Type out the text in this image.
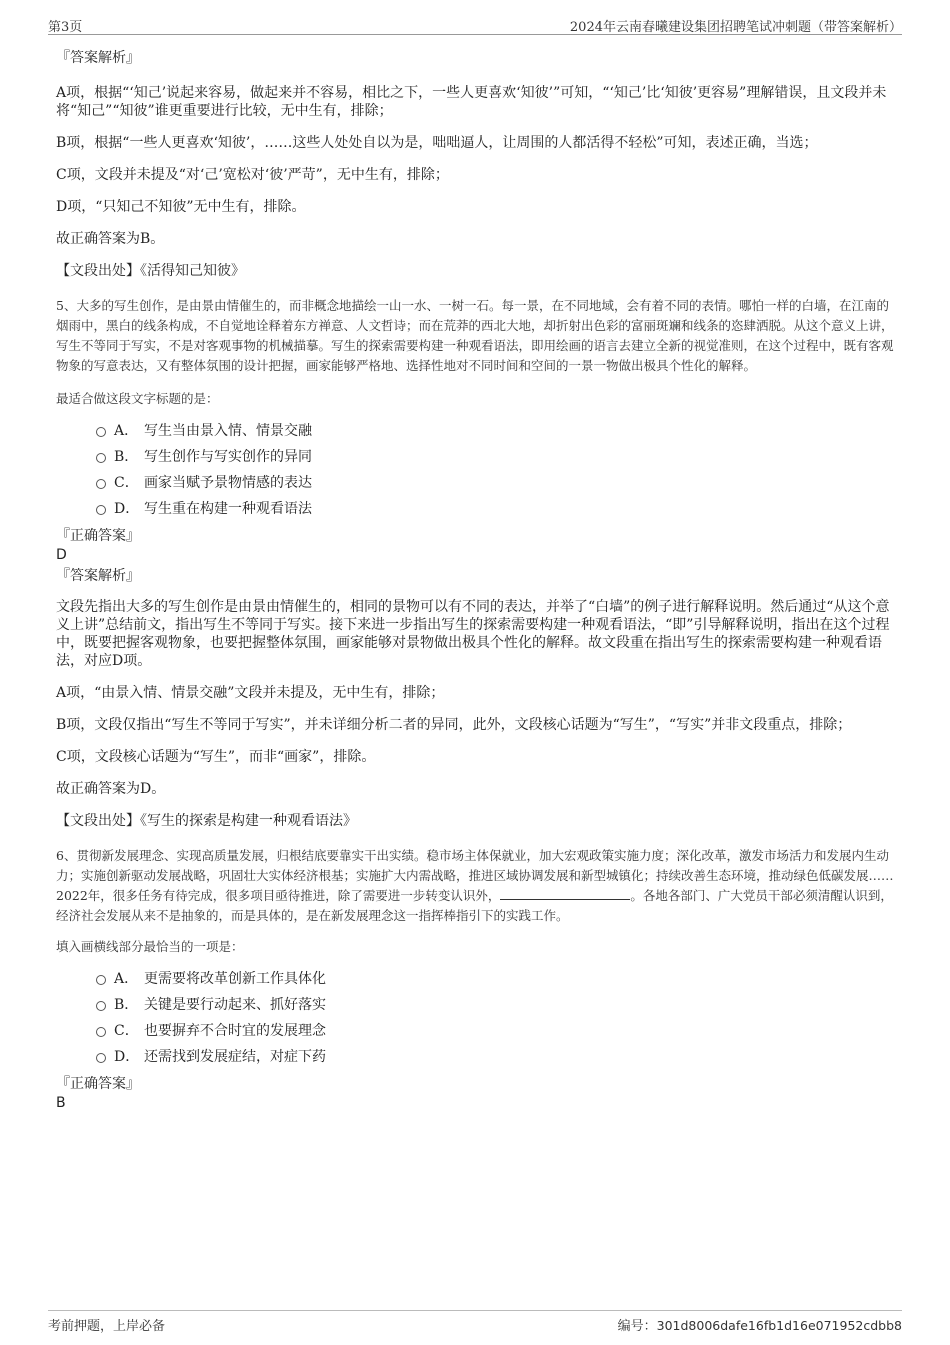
第3页	2024年云南春曦建设集团招聘笔试冲刺题（带答案解析）

『答案解析』

A项，根据“‘知己’说起来容易，做起来并不容易，相比之下，一些人更喜欢‘知彼’”可知，“‘知己’比‘知彼’更容易”理解错误，且文段并未将“知己”“知彼”谁更重要进行比较，无中生有，排除；

B项，根据“一些人更喜欢‘知彼’，……这些人处处自以为是，咄咄逼人，让周围的人都活得不轻松”可知，表述正确，当选；

C项，文段并未提及“对‘己’宽松对‘彼’严苛”，无中生有，排除；

D项，“只知己不知彼”无中生有，排除。

故正确答案为B。

【文段出处】《活得知己知彼》

5、大多的写生创作，是由景由情催生的，而非概念地描绘一山一水、一树一石。每一景，在不同地域，会有着不同的表情。哪怕一样的白墙，在江南的烟雨中，黑白的线条构成，不自觉地诠释着东方禅意、人文哲诗；而在荒莽的西北大地，却折射出色彩的富丽斑斓和线条的恣肆洒脱。从这个意义上讲，写生不等同于写实，不是对客观事物的机械描摹。写生的探索需要构建一种观看语法，即用绘画的语言去建立全新的视觉准则，在这个过程中，既有客观物象的写意表达，又有整体氛围的设计把握，画家能够严格地、选择性地对不同时间和空间的一景一物做出极具个性化的解释。

最适合做这段文字标题的是：

A． 写生当由景入情、情景交融
B． 写生创作与写实创作的异同
C． 画家当赋予景物情感的表达
D． 写生重在构建一种观看语法

『正确答案』

D

『答案解析』

文段先指出大多的写生创作是由景由情催生的，相同的景物可以有不同的表达，并举了“白墙”的例子进行解释说明。然后通过“从这个意义上讲”总结前文，指出写生不等同于写实。接下来进一步指出写生的探索需要构建一种观看语法，“即”引导解释说明，指出在这个过程中，既要把握客观物象，也要把握整体氛围，画家能够对景物做出极具个性化的解释。故文段重在指出写生的探索需要构建一种观看语法，对应D项。

A项，“由景入情、情景交融”文段并未提及，无中生有，排除；

B项，文段仅指出“写生不等同于写实”，并未详细分析二者的异同，此外，文段核心话题为“写生”，“写实”并非文段重点，排除；

C项，文段核心话题为“写生”，而非“画家”，排除。

故正确答案为D。

【文段出处】《写生的探索是构建一种观看语法》

6、贯彻新发展理念、实现高质量发展，归根结底要靠实干出实绩。稳市场主体保就业，加大宏观政策实施力度；深化改革，激发市场活力和发展内生动力；实施创新驱动发展战略，巩固壮大实体经济根基；实施扩大内需战略，推进区域协调发展和新型城镇化；持续改善生态环境，推动绿色低碳发展……2022年，很多任务有待完成，很多项目亟待推进，除了需要进一步转变认识外，	。各地各部门、广大党员干部必须清醒认识到，经济社会发展从来不是抽象的，而是具体的，是在新发展理念这一指挥棒指引下的实践工作。

填入画横线部分最恰当的一项是：

A． 更需要将改革创新工作具体化
B． 关键是要行动起来、抓好落实
C． 也要摒弃不合时宜的发展理念
D． 还需找到发展症结，对症下药

『正确答案』

B

考前押题，上岸必备	编号：301d8006dafe16fb1d16e071952cdbb8
